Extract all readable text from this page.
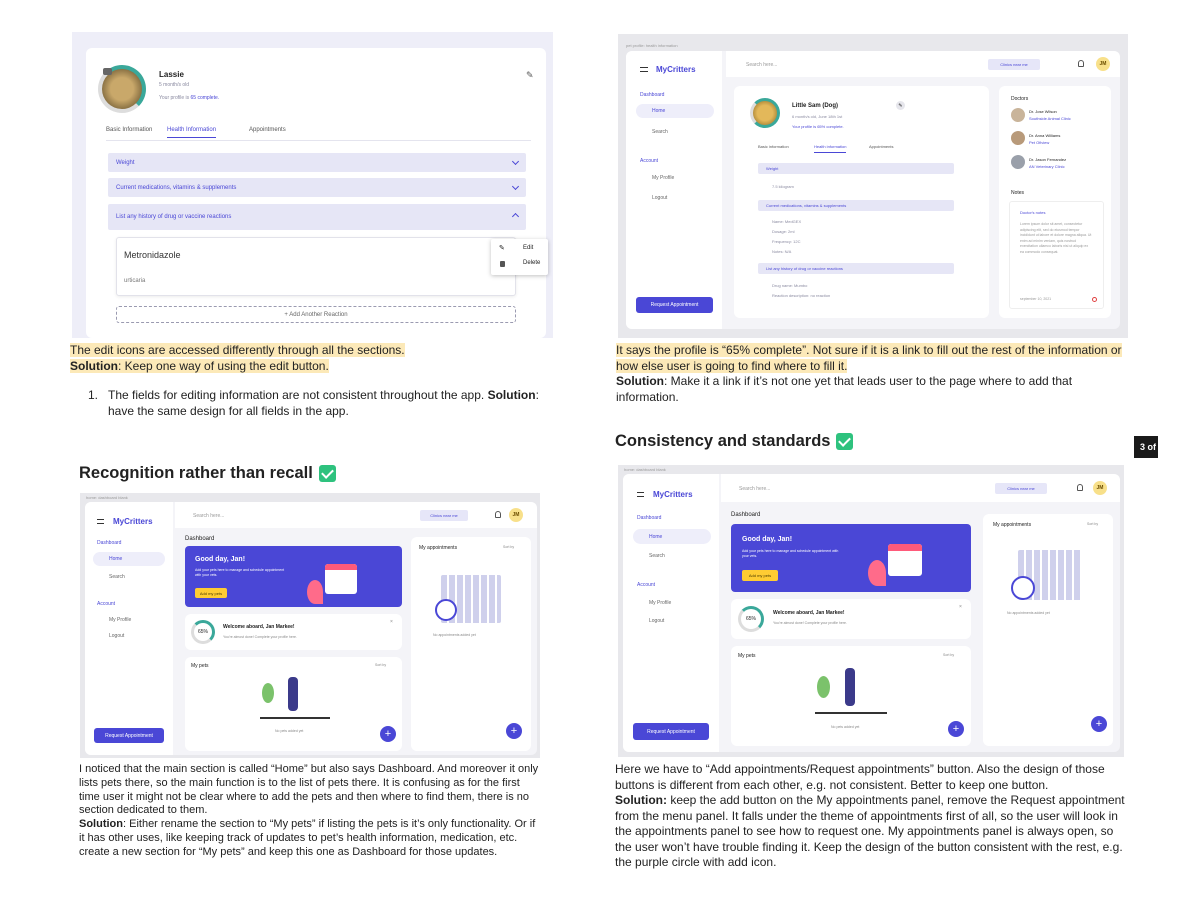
3 of
Lassie
5 month/s old
Your profile is 65 complete.
✎
Basic Information Health Information	Appointments
Weight
Current medications, vitamins & supplements
List any history of drug or vaccine reactions
Metronidazole
urticaria
✎	Edit
Delete
+ Add Another Reaction
The edit icons are accessed differently through all the sections.
Solution: Keep one way of using the edit button.
1. The fields for editing information are not consistent throughout the app. Solution: have the same design for all fields in the app.
pet profile: health information
MyCritters
Dashboard
Home
Search
Account
My Profile
Logout
Request Appointment
Search here...	Clinics near me	JM
Little Sam (Dog)
6 month/s old, June 18th 1st
Your profile is 65% complete.
✎
Basic information	Health information	Appointments
Weight
7.5 kilogram
Current medications, vitamins & supplements
Name: MedGEX
Dosage: 2ml
Frequency: 12C
Notes: N/A
List any history of drug or vaccine reactions
Drug name: Mumbo
Reaction description: no reaction
Doctors
Dr. Jose Wilson
Southside Animal Clinic
Dr. Anna Williams
Pet Ofiview
Dr. Jason Fernandez
AN Veterinary Clinic
Notes
Doctor's notes
Lorem ipsum dolor sit amet, consectetur adipiscing elit, sed do eiusmod tempor incididunt ut labore et dolore magna aliqua. Ut enim ad minim veniam, quis nostrud exercitation ullamco laboris nisi ut aliquip ex ea commodo consequat.
september 10, 2021
It says the profile is “65% complete”. Not sure if it is a link to fill out the rest of the information or how else user is going to find where to fill it.
Solution: Make it a link if it’s not one yet that leads user to the page where to add that information.
Recognition rather than recall
Consistency and standards
home: dashboard blank
MyCritters
Dashboard
Home
Search
Account
My Profile
Logout
Request Appointment
Search here...	Clinics near me	JM
Dashboard
Good day, Jan!
Add your pets here to manage and schedule appointment with your vets.
Add my pets
65%
Welcome aboard, Jan Markee!
You're almost done! Complete your profile here.
×
My pets	Sort by
No pets added yet	+
My appointments	Sort by
No appointments added yet
+
home: dashboard blank
MyCritters
Dashboard
Home
Search
Account
My Profile
Logout
Request Appointment
Search here...	Clinics near me	JM
Dashboard
Good day, Jan!
Add your pets here to manage and schedule appointment with your vets.
Add my pets
65%
Welcome aboard, Jan Markee!
You're almost done! Complete your profile here.
×
My pets	Sort by
No pets added yet	+
My appointments	Sort by
No appointments added yet
+
I noticed that the main section is called “Home” but also says Dashboard. And moreover it only lists pets there, so the main function is to the list of pets there. It is confusing as for the first time user it might not be clear where to add the pets and then where to find them, there is no section dedicated to them.
Solution: Either rename the section to “My pets” if listing the pets is it’s only functionality. Or if it has other uses, like keeping track of updates to pet’s health information, medication, etc. create a new section for “My pets” and keep this one as Dashboard for those updates.
Here we have to “Add appointments/Request appointments” button. Also the design of those buttons is different from each other, e.g. not consistent. Better to keep one button.
Solution: keep the add button on the My appointments panel, remove the Request appointment from the menu panel. It falls under the theme of appointments first of all, so the user will look in the appointments panel to see how to request one. My appointments panel is always open, so the user won’t have trouble finding it. Keep the design of the button consistent with the rest, e.g. the purple circle with add icon.
